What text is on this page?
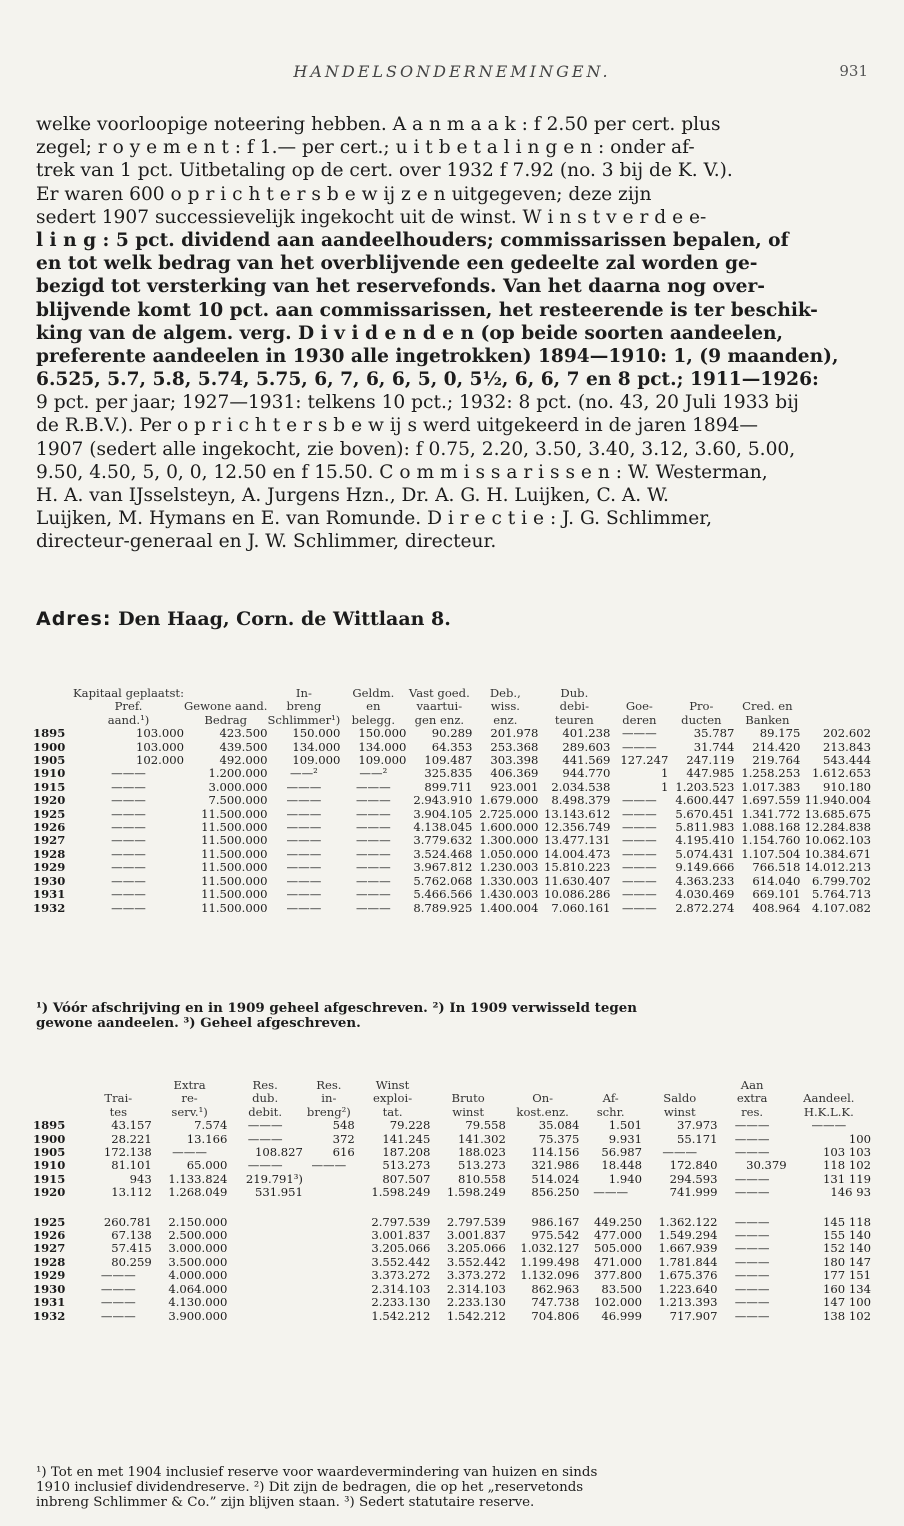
HANDELSONDERNEMINGEN.	931
welke voorloopige noteering hebben. A a n m a a k : f 2.50 per cert. plus
zegel; r o y e m e n t : f 1.— per cert.; u i t b e t a l i n g e n : onder af-
trek van 1 pct. Uitbetaling op de cert. over 1932 f 7.92 (no. 3 bij de K. V.).
Er waren 600 o p r i c h t e r s b e w ij z e n uitgegeven; deze zijn
sedert 1907 successievelijk ingekocht uit de winst. W i n s t v e r d e e-
l i n g : 5 pct. dividend aan aandeelhouders; commissarissen bepalen, of
en tot welk bedrag van het overblijvende een gedeelte zal worden ge-
bezigd tot versterking van het reservefonds. Van het daarna nog over-
blijvende komt 10 pct. aan commissarissen, het resteerende is ter beschik-
king van de algem. verg. D i v i d e n d e n (op beide soorten aandeelen,
preferente aandeelen in 1930 alle ingetrokken) 1894—1910: 1, (9 maanden),
6.525, 5.7, 5.8, 5.74, 5.75, 6, 7, 6, 6, 5, 0, 5½, 6, 6, 7 en 8 pct.; 1911—1926:
9 pct. per jaar; 1927—1931: telkens 10 pct.; 1932: 8 pct. (no. 43, 20 Juli 1933 bij
de R.B.V.). Per o p r i c h t e r s b e w ij s werd uitgekeerd in de jaren 1894—
1907 (sedert alle ingekocht, zie boven): f 0.75, 2.20, 3.50, 3.40, 3.12, 3.60, 5.00,
9.50, 4.50, 5, 0, 0, 12.50 en f 15.50. C o m m i s s a r i s s e n : W. Westerman,
H. A. van IJsselsteyn, A. Jurgens Hzn., Dr. A. G. H. Luijken, C. A. W.
Luijken, M. Hymans en E. van Romunde. D i r e c t i e : J. G. Schlimmer,
directeur-generaal en J. W. Schlimmer, directeur.
Adres: Den Haag, Corn. de Wittlaan 8.
	Kapitaal geplaatst:		In-	Geldm.	Vast goed.	Deb.,	Dub.				
	Pref.	Gewone aand.	breng	en	vaartui-	wiss.	debi-	Goe-	Pro-	Cred. en	
	aand.¹)	Bedrag	Schlimmer¹)	belegg.	gen enz.	enz.	teuren	deren	ducten	Banken	
1895	103.000	423.500	150.000	150.000	90.289	201.978	401.238	———	35.787	89.175	202.602
1900	103.000	439.500	134.000	134.000	64.353	253.368	289.603	———	31.744	214.420	213.843
1905	102.000	492.000	109.000	109.000	109.487	303.398	441.569	127.247	247.119	219.764	543.444
1910	———	1.200.000	——²	——²	325.835	406.369	944.770	1	447.985	1.258.253	1.612.653
1915	———	3.000.000	———	———	899.711	923.001	2.034.538	1	1.203.523	1.017.383	910.180
1920	———	7.500.000	———	———	2.943.910	1.679.000	8.498.379	———	4.600.447	1.697.559	11.940.004
1925	———	11.500.000	———	———	3.904.105	2.725.000	13.143.612	———	5.670.451	1.341.772	13.685.675
1926	———	11.500.000	———	———	4.138.045	1.600.000	12.356.749	———	5.811.983	1.088.168	12.284.838
1927	———	11.500.000	———	———	3.779.632	1.300.000	13.477.131	———	4.195.410	1.154.760	10.062.103
1928	———	11.500.000	———	———	3.524.468	1.050.000	14.004.473	———	5.074.431	1.107.504	10.384.671
1929	———	11.500.000	———	———	3.967.812	1.230.003	15.810.223	———	9.149.666	766.518	14.012.213
1930	———	11.500.000	———	———	5.762.068	1.330.003	11.630.407	———	4.363.233	614.040	6.799.702
1931	———	11.500.000	———	———	5.466.566	1.430.003	10.086.286	———	4.030.469	669.101	5.764.713
1932	———	11.500.000	———	———	8.789.925	1.400.004	7.060.161	———	2.872.274	408.964	4.107.082
¹) Vóór afschrijving en in 1909 geheel afgeschreven. ²) In 1909 verwisseld tegen
gewone aandeelen. ³) Geheel afgeschreven.
		Extra	Res.	Res.	Winst					Aan	
	Trai-	re-	dub.	in-	exploi-	Bruto	On-	Af-	Saldo	extra	Aandeel.
	tes	serv.¹)	debit.	breng²)	tat.	winst	kost.enz.	schr.	winst	res.	H.K.L.K.
1895	43.157	7.574	———	548	79.228	79.558	35.084	1.501	37.973	———	———
1900	28.221	13.166	———	372	141.245	141.302	75.375	9.931	55.171	———	100
1905	172.138	———	108.827	616	187.208	188.023	114.156	56.987	———	———	103 103
1910	81.101	65.000	———	———	513.273	513.273	321.986	18.448	172.840	30.379	118 102
1915	943	1.133.824	219.791³)		807.507	810.558	514.024	1.940	294.593	———	131 119
1920	13.112	1.268.049	531.951		1.598.249	1.598.249	856.250	———	741.999	———	146 93

1925	260.781	2.150.000			2.797.539	2.797.539	986.167	449.250	1.362.122	———	145 118
1926	67.138	2.500.000			3.001.837	3.001.837	975.542	477.000	1.549.294	———	155 140
1927	57.415	3.000.000			3.205.066	3.205.066	1.032.127	505.000	1.667.939	———	152 140
1928	80.259	3.500.000			3.552.442	3.552.442	1.199.498	471.000	1.781.844	———	180 147
1929	———	4.000.000			3.373.272	3.373.272	1.132.096	377.800	1.675.376	———	177 151
1930	———	4.064.000			2.314.103	2.314.103	862.963	83.500	1.223.640	———	160 134
1931	———	4.130.000			2.233.130	2.233.130	747.738	102.000	1.213.393	———	147 100
1932	———	3.900.000			1.542.212	1.542.212	704.806	46.999	717.907	———	138 102
¹) Tot en met 1904 inclusief reserve voor waardevermindering van huizen en sinds
1910 inclusief dividendreserve. ²) Dit zijn de bedragen, die op het „reservetonds
inbreng Schlimmer & Co.” zijn blijven staan. ³) Sedert statutaire reserve.
